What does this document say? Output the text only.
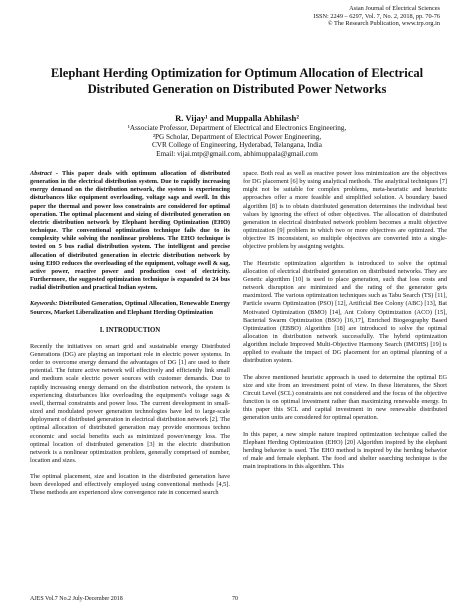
Asian Journal of Electrical Sciences
ISSN: 2249 – 6297, Vol. 7, No. 2, 2018, pp. 70-76
© The Research Publication, www.trp.org.in
Elephant Herding Optimization for Optimum Allocation of Electrical
Distributed Generation on Distributed Power Networks
R. Vijay¹ and Muppalla Abhilash²
¹Associate Professor, Department of Electrical and Electronics Engineering,
²PG Scholar, Department of Electrical Power Engineering,
CVR College of Engineering, Hyderabad, Telangana, India
Email: vijai.mtp@gmail.com, abhimuppala@gmail.com

Abstract - This paper deals with optimum allocation of distributed generation in the electrical distribution system. Due to rapidly increasing energy demand on the distribution network, the system is experiencing disturbances like equipment overloading, voltage sags and swell. In this paper the thermal and power loss constraints are considered for optimal operation. The optimal placement and sizing of distributed generation on electric distribution network by Elephant herding Optimization (EHO) technique. The conventional optimization technique fails due to its complexity while solving the nonlinear problems. The EHO technique is tested on 5 bus radial distribution system. The intelligent and precise allocation of distributed generation in electric distribution network by using EHO reduces the overloading of the equipment, voltage swell & sag, active power, reactive power and production cost of electricity. Furthermore, the suggested optimization technique is expanded to 24 bus radial distribution and practical Indian system.

Keywords: Distributed Generation, Optimal Allocation, Renewable Energy Sources, Market Liberalization and Elephant Herding Optimization

I. INTRODUCTION

Recently the initiatives on smart grid and sustainable energy Distributed Generations (DG) are playing an important role in electric power systems. In order to overcome energy demand the advantages of DG [1] are used to their potential. The future active network will effectively and efficiently link small and medium scale electric power sources with customer demands. Due to rapidly increasing energy demand on the distribution network, the system is experiencing disturbances like overloading the equipment's voltage sags & swell, thermal constraints and power loss. The current development in small-sized and modulated power generation technologies have led to large-scale deployment of distributed generation in electrical distribution network [2]. The optimal allocation of distributed generation may provide enormous techno economic and social benefits such as minimized power/energy loss. The optimal location of distributed generation [3] in the electric distribution network is a nonlinear optimization problem, generally comprised of number, location and sizes.

The optimal placement, size and location in the distributed generation have been developed and effectively employed using conventional methods [4,5]. These methods are experienced slow convergence rate in concerned search

space. Both real as well as reactive power loss minimization are the objectives for DG placement [6] by using analytical methods. The analytical techniques [7] might not be suitable for complex problems, meta-heuristic and heuristic approaches offer a more feasible and simplified solution. A boundary based algorithm [8] is to obtain distributed generation determines the individual best values by ignoring the effect of other objectives. The allocation of distributed generation in electrical distributed network problem becomes a multi objective optimization [9] problem in which two or more objectives are optimized. The objective IS inconsistent, so multiple objectives are converted into a single-objective problem by assigning weights.

The Heuristic optimization algorithm is introduced to solve the optimal allocation of electrical distributed generation on distributed networks. They are Genetic algorithm [10] is used to place generation, such that loss costs and network disruption are minimized and the rating of the generator gets maximized. The various optimization techniques such as Tabu Search (TS) [11], Particle swarm Optimization (PSO) [12], Artificial Bee Colony (ABC) [13], Bat Motivated Optimization (BMO) [14], Ant Colony Optimization (ACO) [15], Bacterial Swarm Optimization (BSO) [16,17], Enriched Biogeography Based Optimization (EBBO) Algorithm [18] are introduced to solve the optimal allocation in distribution network successfully. The hybrid optimization algorithm include Improved Multi-Objective Harmony Search (IMOHS) [19] is applied to evaluate the impact of DG placement for an optimal planning of a distribution system.

The above mentioned heuristic approach is used to determine the optimal EG size and site from an investment point of view. In these literatures, the Short Circuit Level (SCL) constraints are not considered and the focus of the objective function is on optimal investment rather than maximizing renewable energy. In this paper this SCL and capital investment in new renewable distributed generation units are considered for optimal operation.

In this paper, a new simple nature inspired optimization technique called the Elephant Herding Optimization (EHO) [20] Algorithm inspired by the elephant herding behavior is used. The EHO method is inspired by the herding behavior of male and female elephant. The food and shelter searching technique is the main inspirations in this algorithm. This

AJES Vol.7 No.2 July-December 2018	70
